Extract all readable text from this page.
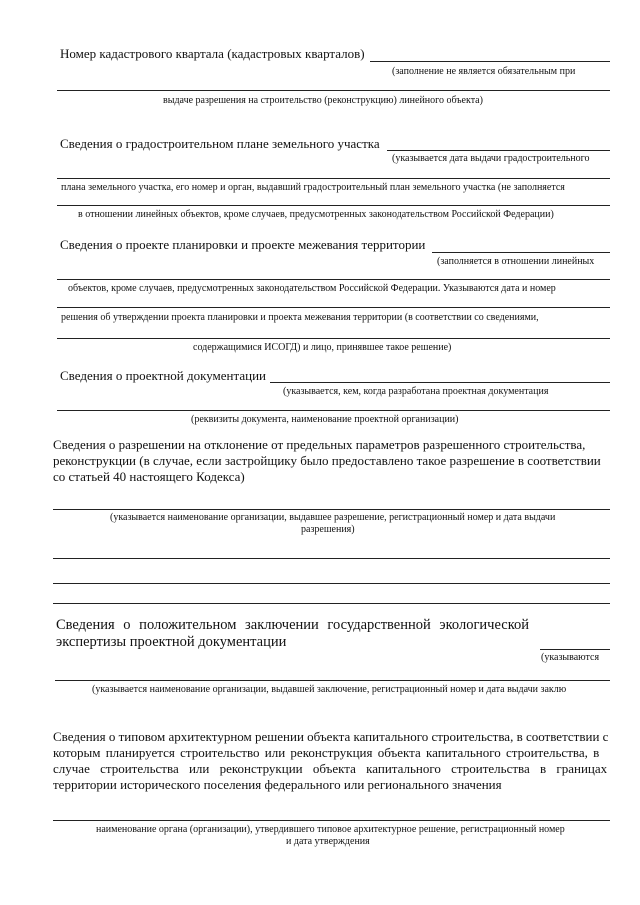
Номер кадастрового квартала (кадастровых кварталов)
(заполнение не является обязательным при
выдаче разрешения на строительство (реконструкцию) линейного объекта)
Сведения о градостроительном плане земельного участка
(указывается дата выдачи градостроительного
плана земельного участка, его номер и орган, выдавший градостроительный план земельного участка (не заполняется
в отношении линейных объектов, кроме случаев, предусмотренных законодательством Российской Федерации)
Сведения о проекте планировки и проекте межевания территории
(заполняется в отношении линейных
объектов, кроме случаев, предусмотренных законодательством Российской Федерации. Указываются дата и номер
решения об утверждении проекта планировки и проекта межевания территории (в соответствии со сведениями,
содержащимися ИСОГД) и лицо, принявшее такое решение)
Сведения о проектной документации
(указывается, кем, когда разработана проектная документация
(реквизиты документа, наименование проектной организации)
Сведения о разрешении на отклонение от предельных параметров разрешенного строительства,
реконструкции (в случае, если застройщику было предоставлено такое разрешение в соответствии
со статьей 40 настоящего Кодекса)
(указывается наименование организации, выдавшее разрешение, регистрационный номер и дата выдачи
разрешения)
Сведения о положительном заключении государственной экологической
экспертизы проектной документации
(указываются
(указывается наименование организации, выдавшей заключение, регистрационный номер и дата выдачи заклю
Сведения о типовом архитектурном решении объекта капитального строительства, в соответствии с
которым планируется строительство или реконструкция объекта капитального строительства, в
случае строительства или реконструкции объекта капитального строительства в границах
территории исторического поселения федерального или регионального значения
наименование органа (организации), утвердившего типовое архитектурное решение, регистрационный номер
и дата утверждения
